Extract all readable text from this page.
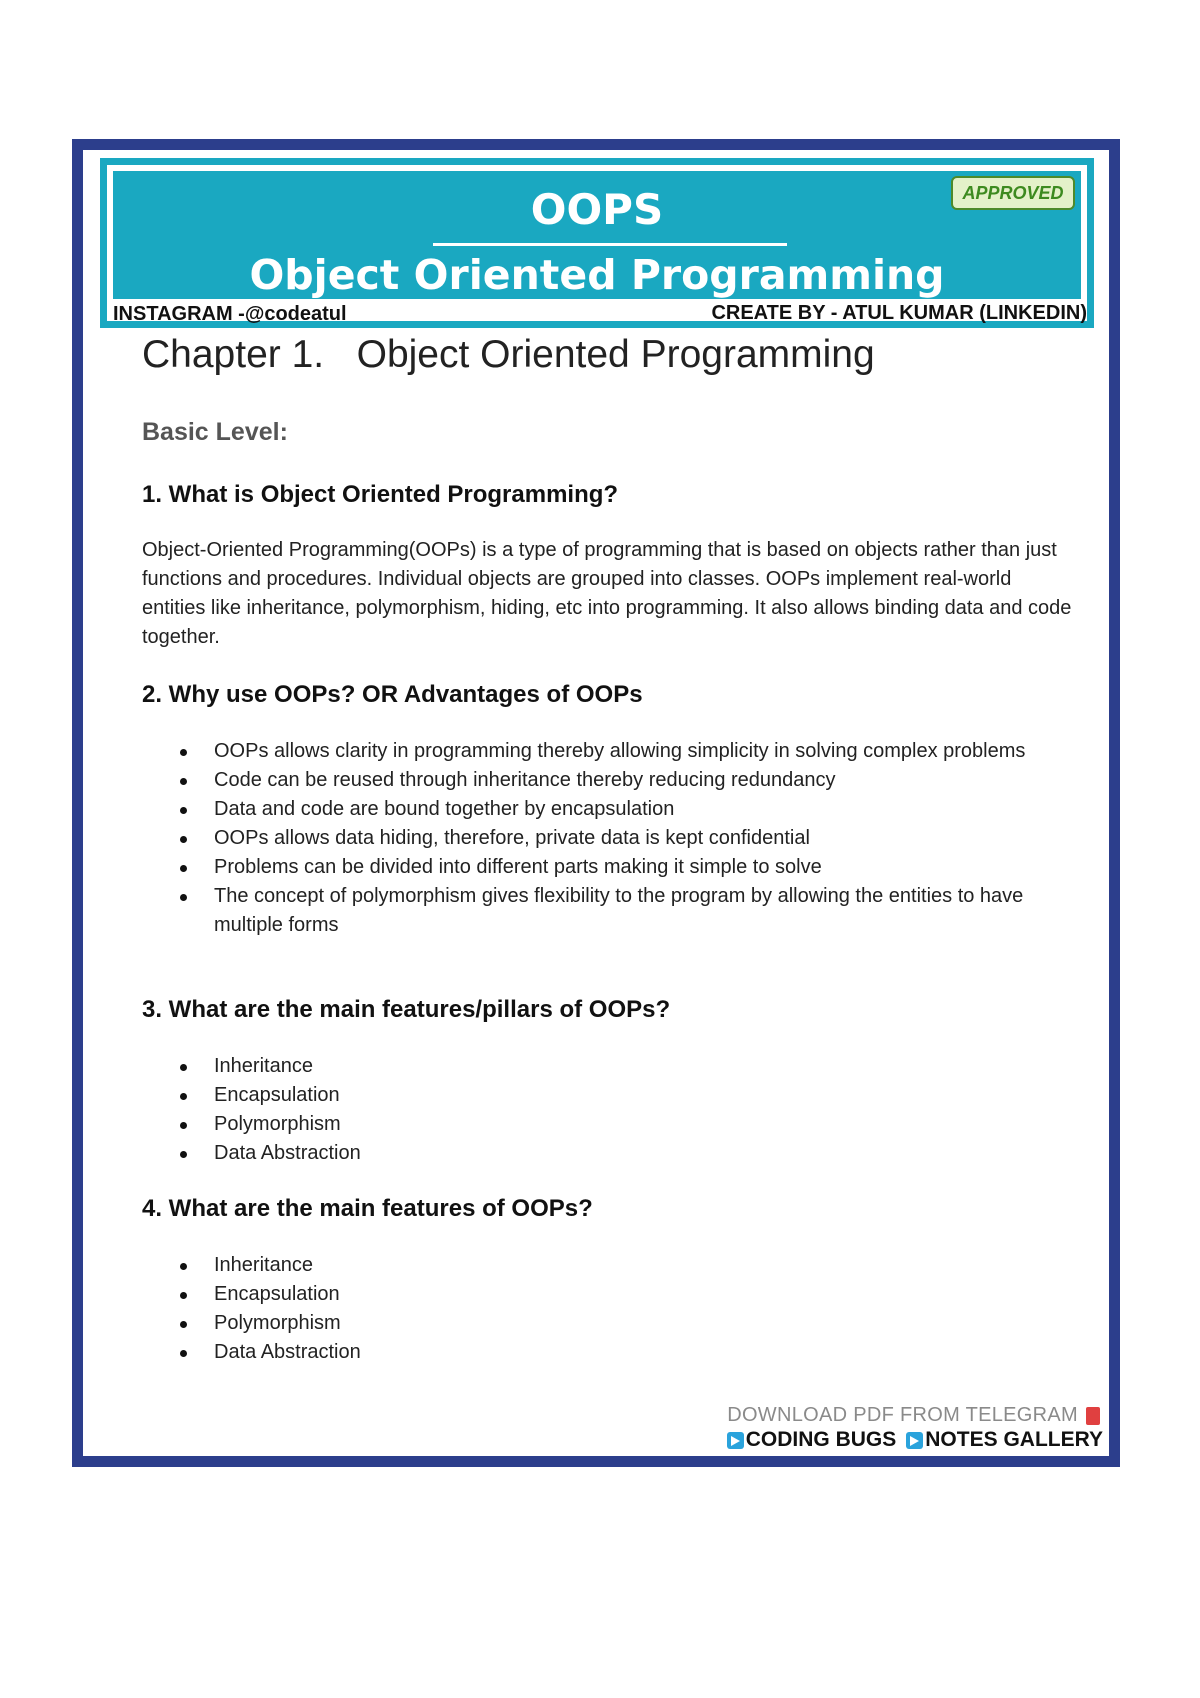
OOPS
Object Oriented Programming
APPROVED
INSTAGRAM -@codeatul	CREATE BY - ATUL KUMAR (LINKEDIN)
Chapter 1.   Object Oriented Programming
Basic Level:
1. What is Object Oriented Programming?

Object-Oriented Programming(OOPs) is a type of programming that is based on objects rather than just functions and procedures. Individual objects are grouped into classes. OOPs implement real-world entities like inheritance, polymorphism, hiding, etc into programming. It also allows binding data and code together.

2. Why use OOPs? OR Advantages of OOPs
OOPs allows clarity in programming thereby allowing simplicity in solving complex problems
Code can be reused through inheritance thereby reducing redundancy
Data and code are bound together by encapsulation
OOPs allows data hiding, therefore, private data is kept confidential
Problems can be divided into different parts making it simple to solve
The concept of polymorphism gives flexibility to the program by allowing the entities to have multiple forms
3. What are the main features/pillars of OOPs?
Inheritance
Encapsulation
Polymorphism
Data Abstraction
4. What are the main features of OOPs?
Inheritance
Encapsulation
Polymorphism
Data Abstraction
DOWNLOAD PDF FROM TELEGRAM
CODING BUGS NOTES GALLERY
